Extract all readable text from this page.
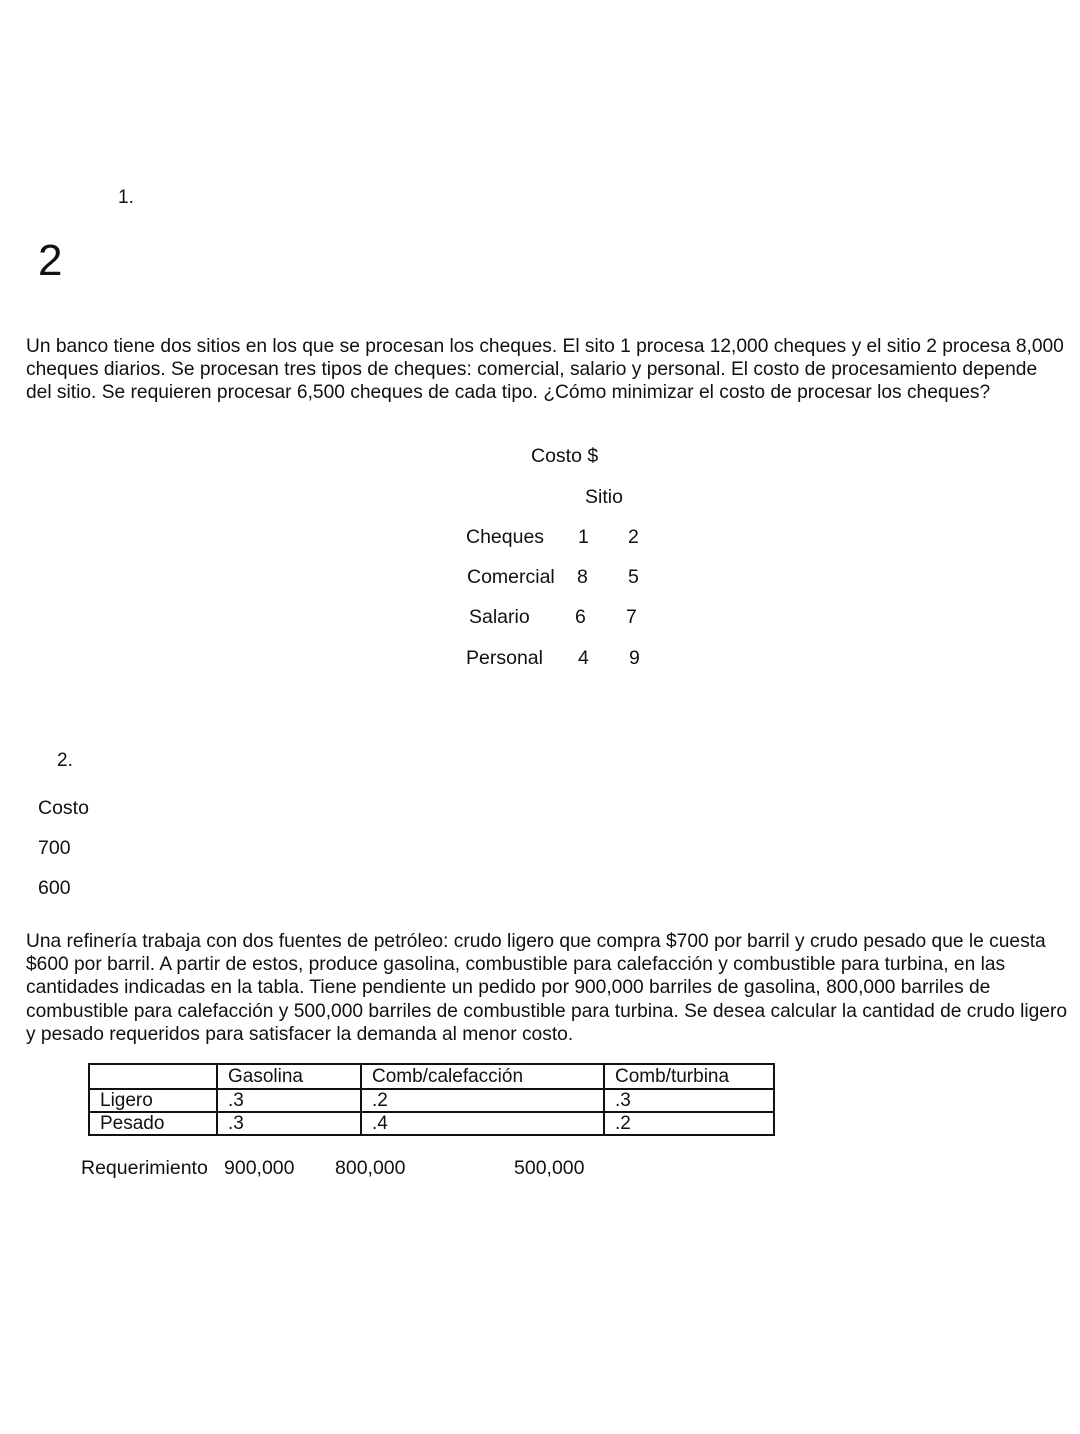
1.
2
Un banco tiene dos sitios en los que se procesan los cheques. El sito 1 procesa 12,000 cheques y el sitio 2 procesa 8,000 cheques diarios. Se procesan tres tipos de cheques: comercial, salario y personal. El costo de procesamiento depende del sitio. Se requieren procesar 6,500 cheques de cada tipo. ¿Cómo minimizar el costo de procesar los cheques?
Costo $
Sitio
Cheques 1 2
Comercial 8 5
Salario 6 7
Personal 4 9
2.
Costo
700
600
Una refinería trabaja con dos fuentes de petróleo: crudo ligero que compra $700 por barril y crudo pesado que le cuesta $600 por barril. A partir de estos, produce gasolina, combustible para calefacción y combustible para turbina, en las cantidades indicadas en la tabla. Tiene pendiente un pedido por 900,000 barriles de gasolina, 800,000 barriles de combustible para calefacción y 500,000 barriles de combustible para turbina. Se desea calcular la cantidad de crudo ligero y pesado requeridos para satisfacer la demanda al menor costo.
	Gasolina	Comb/calefacción	Comb/turbina
Ligero	.3	.2	.3
Pesado	.3	.4	.2
Requerimiento 900,000 800,000	500,000
